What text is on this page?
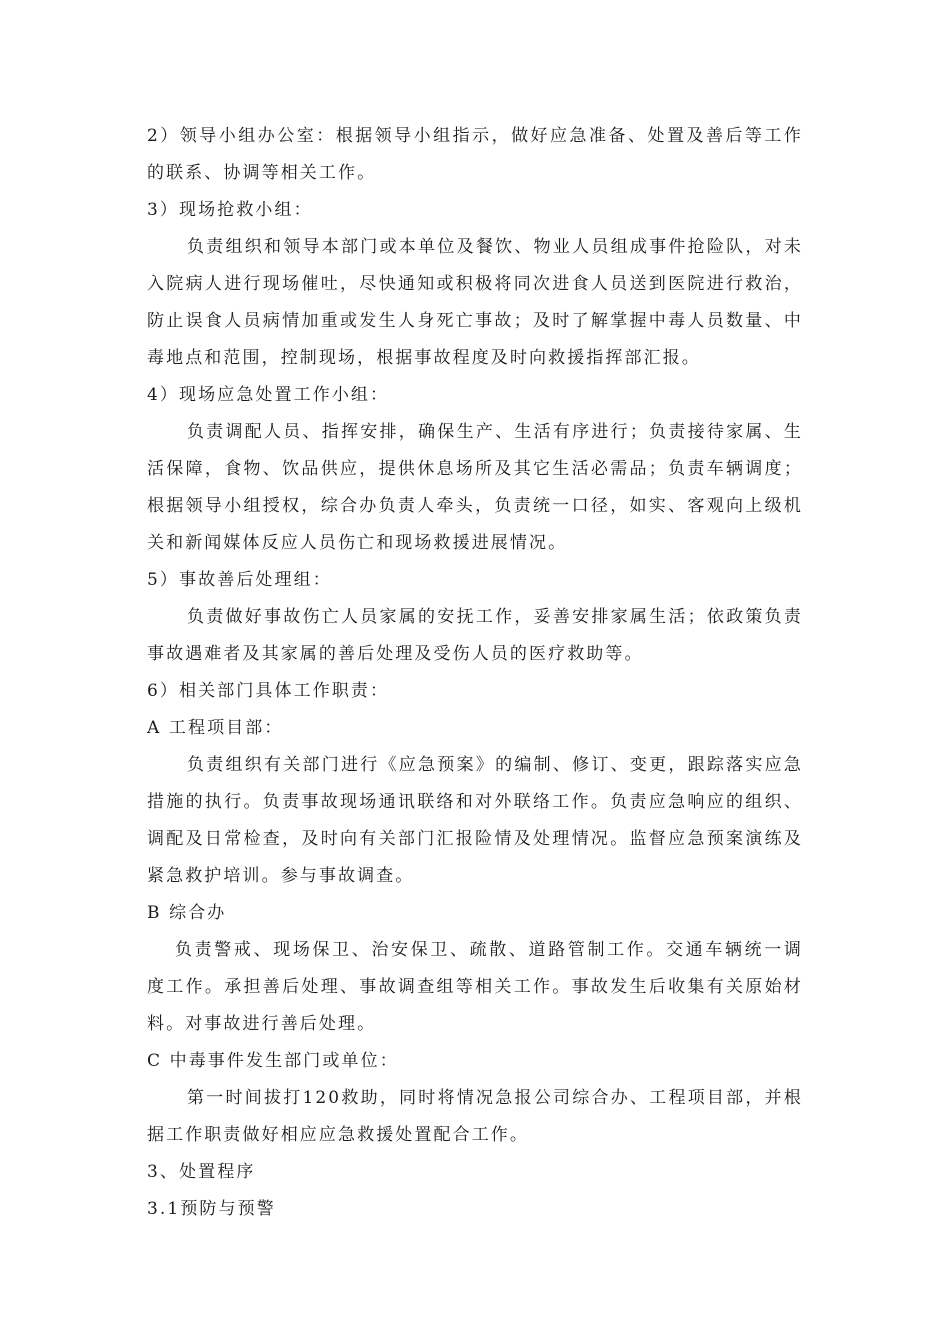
2）领导小组办公室：根据领导小组指示，做好应急准备、处置及善后等工作的联系、协调等相关工作。

3）现场抢救小组：

负责组织和领导本部门或本单位及餐饮、物业人员组成事件抢险队，对未入院病人进行现场催吐，尽快通知或积极将同次进食人员送到医院进行救治，防止误食人员病情加重或发生人身死亡事故；及时了解掌握中毒人员数量、中毒地点和范围，控制现场，根据事故程度及时向救援指挥部汇报。

4）现场应急处置工作小组：

负责调配人员、指挥安排，确保生产、生活有序进行；负责接待家属、生活保障，食物、饮品供应，提供休息场所及其它生活必需品；负责车辆调度；根据领导小组授权，综合办负责人牵头，负责统一口径，如实、客观向上级机关和新闻媒体反应人员伤亡和现场救援进展情况。

5）事故善后处理组：

负责做好事故伤亡人员家属的安抚工作，妥善安排家属生活；依政策负责事故遇难者及其家属的善后处理及受伤人员的医疗救助等。

6）相关部门具体工作职责：

A 工程项目部：

负责组织有关部门进行《应急预案》的编制、修订、变更，跟踪落实应急措施的执行。负责事故现场通讯联络和对外联络工作。负责应急响应的组织、调配及日常检查，及时向有关部门汇报险情及处理情况。监督应急预案演练及紧急救护培训。参与事故调查。

B 综合办

负责警戒、现场保卫、治安保卫、疏散、道路管制工作。交通车辆统一调度工作。承担善后处理、事故调查组等相关工作。事故发生后收集有关原始材料。对事故进行善后处理。

C 中毒事件发生部门或单位：

第一时间拔打120救助，同时将情况急报公司综合办、工程项目部，并根据工作职责做好相应应急救援处置配合工作。

3、处置程序

3.1预防与预警
